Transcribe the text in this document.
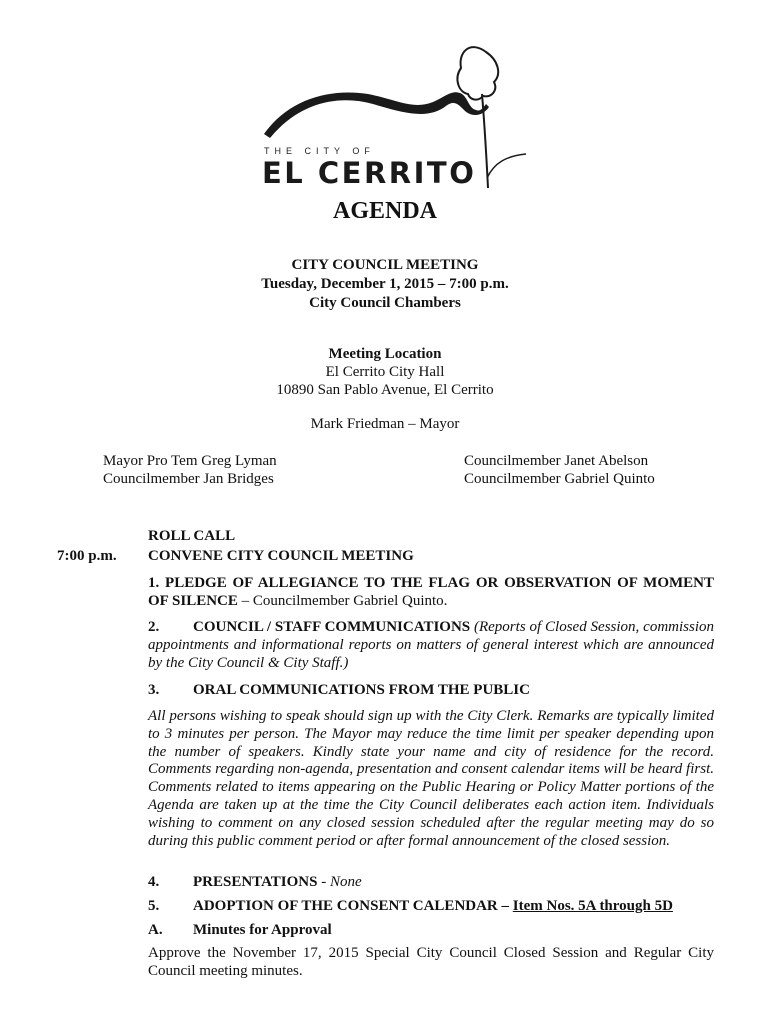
THE CITY OF
EL CERRITO
AGENDA
CITY COUNCIL MEETING
Tuesday, December 1, 2015 – 7:00 p.m.
City Council Chambers
Meeting Location
El Cerrito City Hall
10890 San Pablo Avenue, El Cerrito
Mark Friedman – Mayor
Mayor Pro Tem Greg Lyman
Councilmember Jan Bridges
Councilmember Janet Abelson
Councilmember Gabriel Quinto
ROLL CALL
7:00 p.m. CONVENE CITY COUNCIL MEETING
1. PLEDGE OF ALLEGIANCE TO THE FLAG OR OBSERVATION OF MOMENT OF SILENCE – Councilmember Gabriel Quinto.
2. COUNCIL / STAFF COMMUNICATIONS (Reports of Closed Session, commission appointments and informational reports on matters of general interest which are announced by the City Council & City Staff.)
3. ORAL COMMUNICATIONS FROM THE PUBLIC
All persons wishing to speak should sign up with the City Clerk. Remarks are typically limited to 3 minutes per person. The Mayor may reduce the time limit per speaker depending upon the number of speakers. Kindly state your name and city of residence for the record. Comments regarding non-agenda, presentation and consent calendar items will be heard first. Comments related to items appearing on the Public Hearing or Policy Matter portions of the Agenda are taken up at the time the City Council deliberates each action item. Individuals wishing to comment on any closed session scheduled after the regular meeting may do so during this public comment period or after formal announcement of the closed session.
4. PRESENTATIONS - None
5. ADOPTION OF THE CONSENT CALENDAR – Item Nos. 5A through 5D
A. Minutes for Approval
Approve the November 17, 2015 Special City Council Closed Session and Regular City Council meeting minutes.
